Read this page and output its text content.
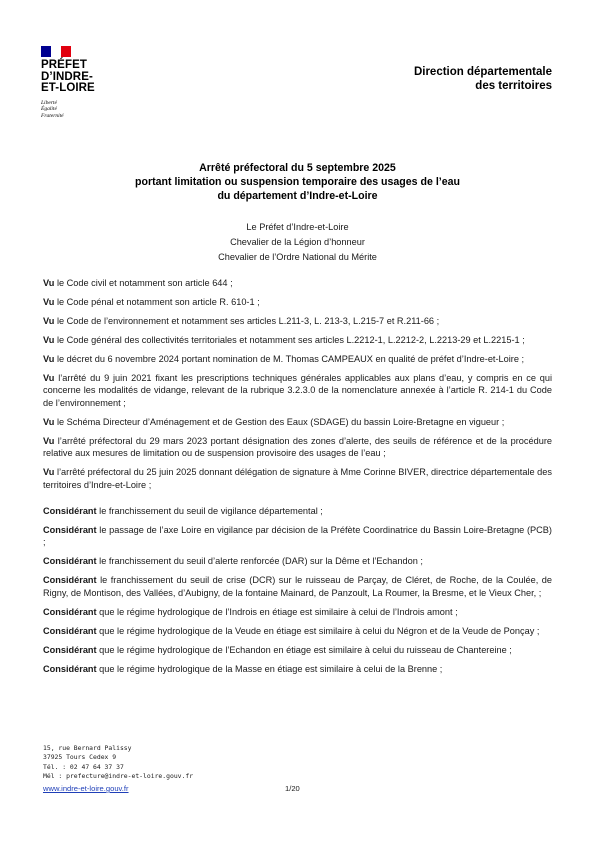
PRÉFET
D’INDRE-
ET-LOIRE
Liberté
Égalité
Fraternité
Direction départementale
des territoires
Arrêté préfectoral du 5 septembre 2025
portant limitation ou suspension temporaire des usages de l’eau
du département d’Indre-et-Loire
Le Préfet d’Indre-et-Loire
Chevalier de la Légion d’honneur
Chevalier de l’Ordre National du Mérite

Vu le Code civil et notamment son article 644 ;

Vu le Code pénal et notamment son article R. 610-1 ;

Vu le Code de l’environnement et notamment ses articles L.211-3, L. 213-3, L.215-7 et R.211-66 ;

Vu le Code général des collectivités territoriales et notamment ses articles L.2212-1, L.2212-2, L.2213-29 et L.2215-1 ;

Vu le décret du 6 novembre 2024 portant nomination de M. Thomas CAMPEAUX en qualité de préfet d’Indre-et-Loire ;

Vu l’arrêté du 9 juin 2021 fixant les prescriptions techniques générales applicables aux plans d’eau, y compris en ce qui concerne les modalités de vidange, relevant de la rubrique 3.2.3.0 de la nomenclature annexée à l’article R. 214-1 du Code de l’environnement ;

Vu le Schéma Directeur d’Aménagement et de Gestion des Eaux (SDAGE) du bassin Loire-Bretagne en vigueur ;

Vu l’arrêté préfectoral du 29 mars 2023 portant désignation des zones d’alerte, des seuils de référence et de la procédure relative aux mesures de limitation ou de suspension provisoire des usages de l’eau ;

Vu l’arrêté préfectoral du 25 juin 2025 donnant délégation de signature à Mme Corinne BIVER, directrice départementale des territoires d’Indre-et-Loire ;

Considérant le franchissement du seuil de vigilance départemental ;

Considérant le passage de l’axe Loire en vigilance par décision de la Préfète Coordinatrice du Bassin Loire-Bretagne (PCB) ;

Considérant le franchissement du seuil d’alerte renforcée (DAR) sur la Dême et l’Echandon ;

Considérant le franchissement du seuil de crise (DCR) sur le ruisseau de Parçay, de Cléret, de Roche, de la Coulée, de Rigny, de Montison, des Vallées, d’Aubigny, de la fontaine Mainard, de Panzoult, La Roumer, la Bresme, et le Vieux Cher, ;

Considérant que le régime hydrologique de l’Indrois en étiage est similaire à celui de l’Indrois amont ;

Considérant que le régime hydrologique de la Veude en étiage est similaire à celui du Négron et de la Veude de Ponçay ;

Considérant que le régime hydrologique de l’Echandon en étiage est similaire à celui du ruisseau de Chantereine ;

Considérant que le régime hydrologique de la Masse en étiage est similaire à celui de la Brenne ;

15, rue Bernard Palissy
37925 Tours Cedex 9
Tél. : 02 47 64 37 37
Mél : prefecture@indre-et-loire.gouv.fr
www.indre-et-loire.gouv.fr	1/20
